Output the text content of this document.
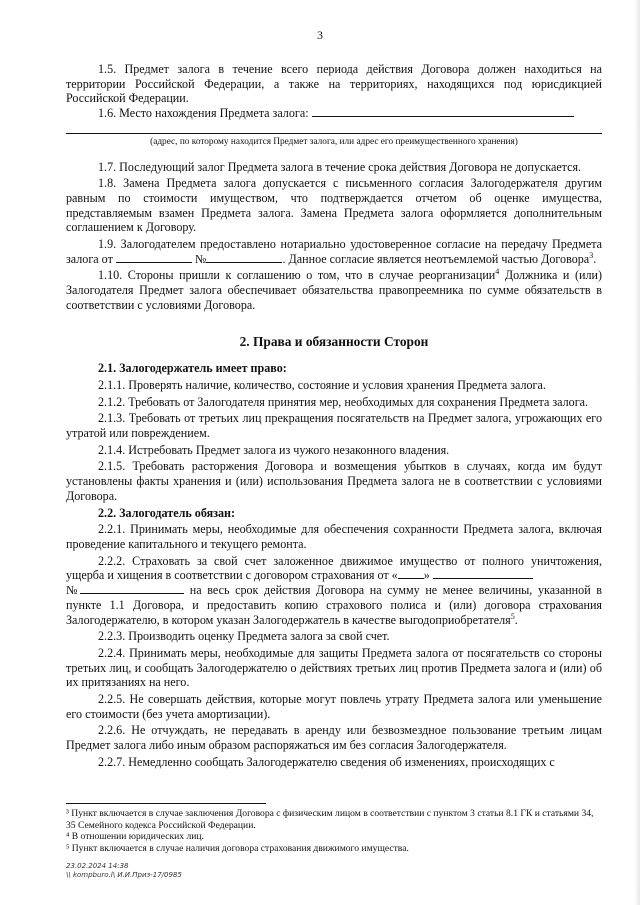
3

1.5. Предмет залога в течение всего периода действия Договора должен находиться на территории Российской Федерации, а также на территориях, находящихся под юрисдикцией Российской Федерации.

1.6. Место нахождения Предмета залога:

(адрес, по которому находится Предмет залога, или адрес его преимущественного хранения)

1.7. Последующий залог Предмета залога в течение срока действия Договора не допускается.

1.8. Замена Предмета залога допускается с письменного согласия Залогодержателя другим равным по стоимости имуществом, что подтверждается отчетом об оценке имущества, представляемым взамен Предмета залога. Замена Предмета залога оформляется дополнительным соглашением к Договору.

1.9. Залогодателем предоставлено нотариально удостоверенное согласие на передачу Предмета залога от	№	. Данное согласие является неотъемлемой частью Договора$^3$.

1.10. Стороны пришли к соглашению о том, что в случае реорганизации$^4$ Должника и (или) Залогодателя Предмет залога обеспечивает обязательства правопреемника по сумме обязательств в соответствии с условиями Договора.

2. Права и обязанности Сторон

2.1. Залогодержатель имеет право:

2.1.1. Проверять наличие, количество, состояние и условия хранения Предмета залога.

2.1.2. Требовать от Залогодателя принятия мер, необходимых для сохранения Предмета залога.

2.1.3. Требовать от третьих лиц прекращения посягательств на Предмет залога, угрожающих его утратой или повреждением.

2.1.4. Истребовать Предмет залога из чужого незаконного владения.

2.1.5. Требовать расторжения Договора и возмещения убытков в случаях, когда им будут установлены факты хранения и (или) использования Предмета залога не в соответствии с условиями Договора.

2.2. Залогодатель обязан:

2.2.1. Принимать меры, необходимые для обеспечения сохранности Предмета залога, включая проведение капитального и текущего ремонта.

2.2.2. Страховать за свой счет заложенное движимое имущество от полного уничтожения, ущерба и хищения в соответствии с договором страхования от « »
№	на весь срок действия Договора на сумму не менее величины, указанной в пункте 1.1 Договора, и предоставить копию страхового полиса и (или) договора страхования Залогодержателю, в котором указан Залогодержатель в качестве выгодоприобретателя$^5$.

2.2.3. Производить оценку Предмета залога за свой счет.

2.2.4. Принимать меры, необходимые для защиты Предмета залога от посягательств со стороны третьих лиц, и сообщать Залогодержателю о действиях третьих лиц против Предмета залога и (или) об их притязаниях на него.

2.2.5. Не совершать действия, которые могут повлечь утрату Предмета залога или уменьшение его стоимости (без учета амортизации).

2.2.6. Не отчуждать, не передавать в аренду или безвозмездное пользование третьим лицам Предмет залога либо иным образом распоряжаться им без согласия Залогодержателя.

2.2.7. Немедленно сообщать Залогодержателю сведения об изменениях, происходящих с

³ Пункт включается в случае заключения Договора с физическим лицом в соответствии с пунктом 3 статьи 8.1 ГК и статьями 34, 35 Семейного кодекса Российской Федерации.

⁴ В отношении юридических лиц.

⁵ Пункт включается в случае наличия договора страхования движимого имущества.

23.02.2024 14:38
\\ kompburo.l\ И.И.Приз-17/0985
